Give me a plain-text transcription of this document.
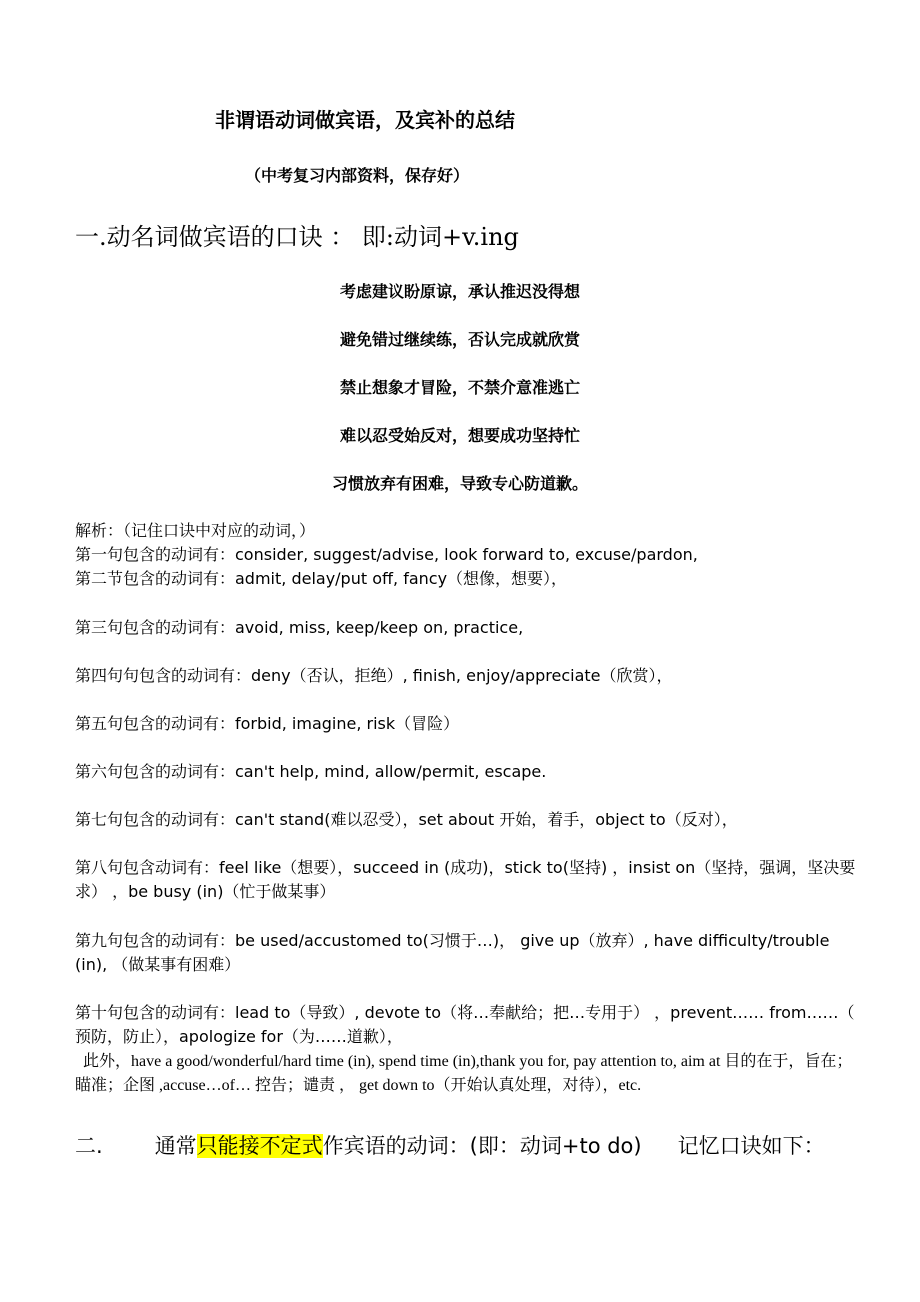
非谓语动词做宾语，及宾补的总结
（中考复习内部资料，保存好）
一.动名词做宾语的口诀 ： 即:动词+v.ing
考虑建议盼原谅，承认推迟没得想
避免错过继续练，否认完成就欣赏
禁止想象才冒险，不禁介意准逃亡
难以忍受始反对，想要成功坚持忙
习惯放弃有困难，导致专心防道歉。
解析：（记住口诀中对应的动词，）
第一句包含的动词有：consider, suggest/advise, look forward to, excuse/pardon,
第二节包含的动词有：admit, delay/put off, fancy（想像，想要），
第三句包含的动词有：avoid, miss, keep/keep on, practice,
第四句句包含的动词有：deny（否认，拒绝）, finish, enjoy/appreciate（欣赏），
第五句包含的动词有：forbid, imagine, risk（冒险）
第六句包含的动词有：can't help, mind, allow/permit, escape.
第七句包含的动词有：can't stand(难以忍受），set about 开始，着手，object to（反对），
第八句包含动词有：feel like（想要），succeed in (成功)，stick to(坚持) ，insist on（坚持，强调，坚决要求） ，be busy (in)（忙于做某事）
第九句包含的动词有：be used/accustomed to(习惯于…)， give up（放弃）, have difficulty/trouble (in), （做某事有困难）
第十句包含的动词有：lead to（导致）, devote to（将…奉献给；把…专用于） ，prevent…… from……（ 预防，防止），apologize for（为……道歉），
此外，have a good/wonderful/hard time (in), spend time (in),thank you for, pay attention to, aim at 目的在于，旨在；瞄准；企图 ,accuse…of… 控告；谴责 ， get down to（开始认真处理，对待），etc.
二. 通常只能接不定式作宾语的动词：(即：动词+to do) 记忆口诀如下：
